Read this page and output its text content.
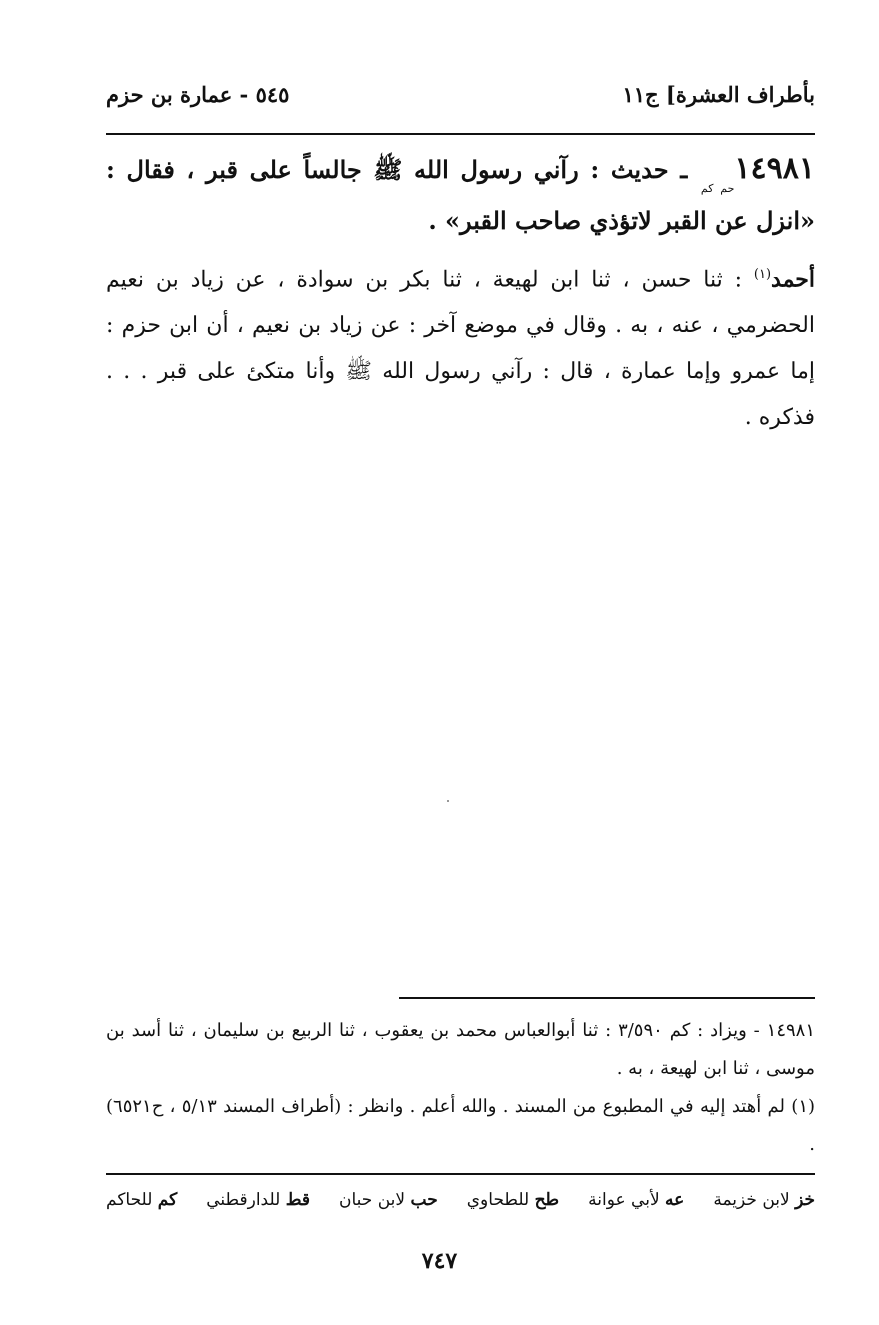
بأطراف العشرة] ج١١
٥٤٥ - عمارة بن حزم
$١٤٩٨١_{حم كم}$ ـ حديث : رآني رسول الله ﷺ جالساً على قبر ، فقال : «انزل عن القبر لاتؤذي صاحب القبر» .
أحمد$^{(١)}$ : ثنا حسن ، ثنا ابن لهيعة ، ثنا بكر بن سوادة ، عن زياد بن نعيم الحضرمي ، عنه ، به . وقال في موضع آخر : عن زياد بن نعيم ، أن ابن حزم : إما عمرو وإما عمارة ، قال : رآني رسول الله ﷺ وأنا متكئ على قبر . . . فذكره .

١٤٩٨١ - ويزاد : كم ٣/٥٩٠ : ثنا أبوالعباس محمد بن يعقوب ، ثنا الربيع بن سليمان ، ثنا أسد بن موسى ، ثنا ابن لهيعة ، به .

(١) لم أهتد إليه في المطبوع من المسند . والله أعلم . وانظر : (أطراف المسند ٥/١٣ ، ح٦٥٢١) .

خز لابن خزيمة
عه لأبي عوانة
طح للطحاوي
حب لابن حبان
قط للدارقطني
كم للحاكم
٧٤٧
